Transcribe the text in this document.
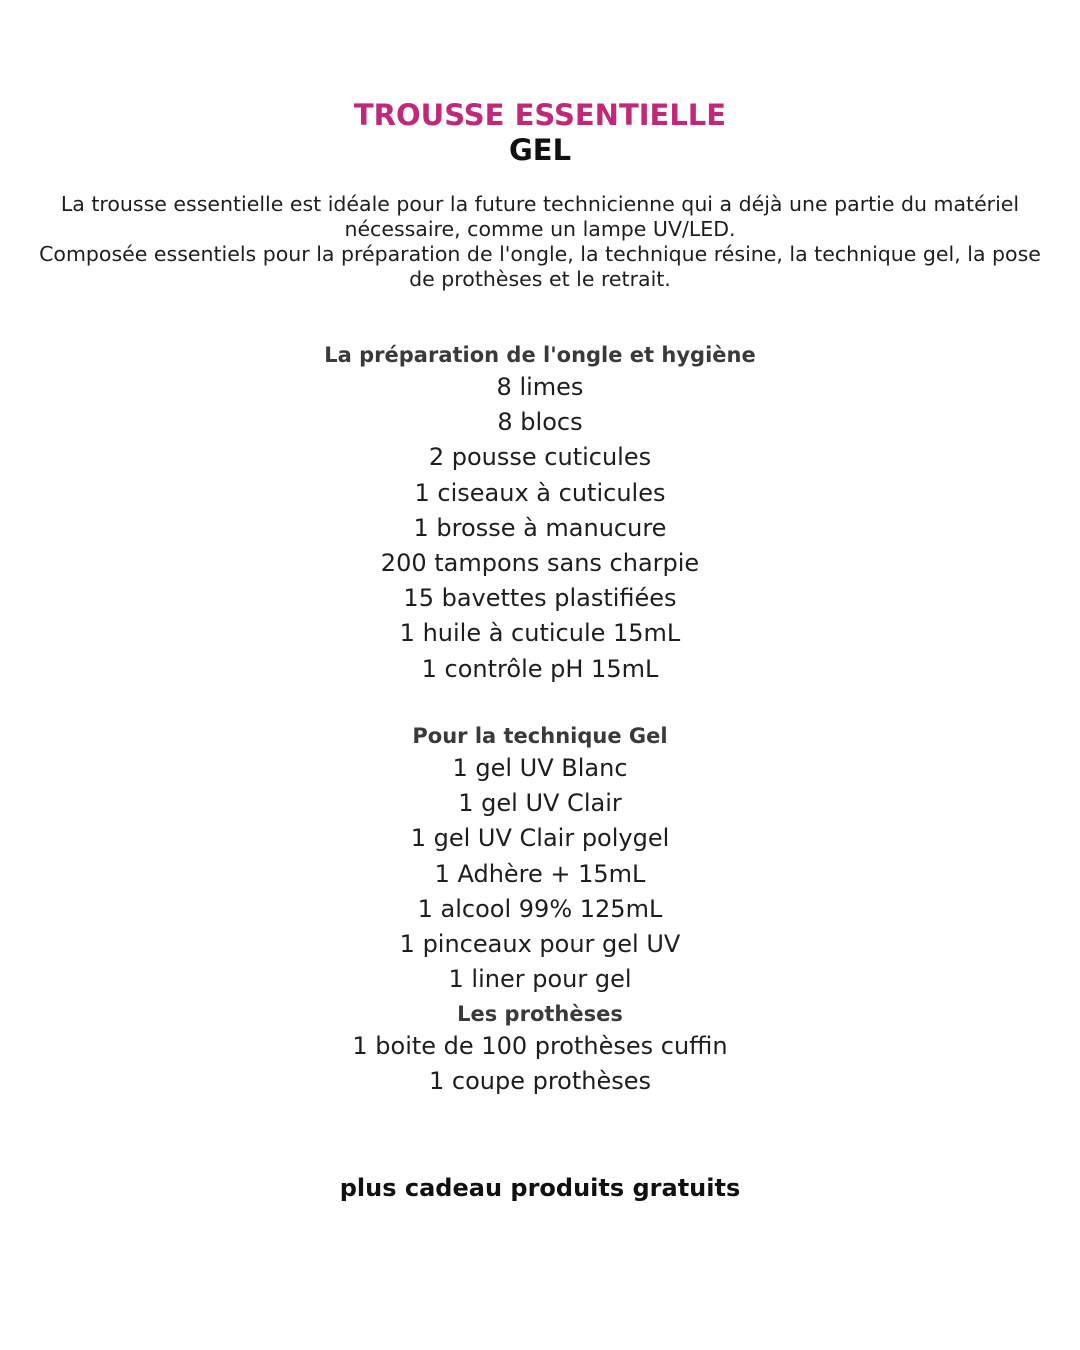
TROUSSE ESSENTIELLE
GEL

La trousse essentielle est idéale pour la future technicienne qui a déjà une partie du matériel nécessaire, comme un lampe UV/LED.

Composée essentiels pour la préparation de l'ongle, la technique résine, la technique gel, la pose de prothèses et le retrait.

La préparation de l'ongle et hygiène
8 limes
8 blocs
2 pousse cuticules
1 ciseaux à cuticules
1 brosse à manucure
200 tampons sans charpie
15 bavettes plastifiées
1 huile à cuticule 15mL
1 contrôle pH 15mL
Pour la technique Gel
1 gel UV Blanc
1 gel UV Clair
1 gel UV Clair polygel
1 Adhère + 15mL
1 alcool 99% 125mL
1 pinceaux pour gel UV
1 liner pour gel
Les prothèses
1 boite de 100 prothèses cuffin
1 coupe prothèses
plus cadeau produits gratuits
